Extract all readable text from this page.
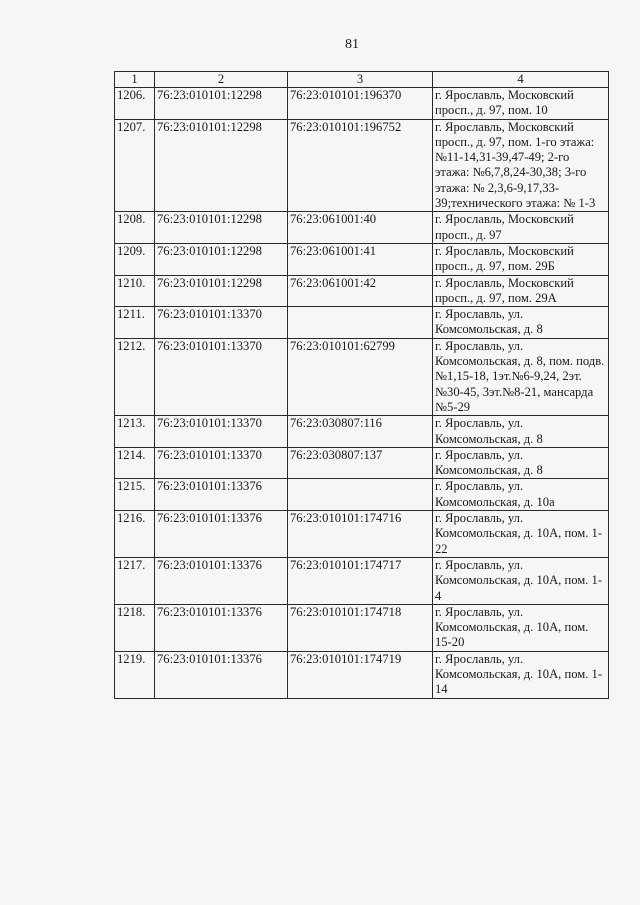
81
1	2	3	4
1206.	76:23:010101:12298	76:23:010101:196370	г. Ярославль, Московский просп., д. 97, пом. 10
1207.	76:23:010101:12298	76:23:010101:196752	г. Ярославль, Московский просп., д. 97, пом. 1-го этажа: №11-14,31-39,47-49; 2-го этажа: №6,7,8,24-30,38; 3-го этажа: № 2,3,6-9,17,33-39;технического этажа: № 1-3
1208.	76:23:010101:12298	76:23:061001:40	г. Ярославль, Московский просп., д. 97
1209.	76:23:010101:12298	76:23:061001:41	г. Ярославль, Московский просп., д. 97, пом. 29Б
1210.	76:23:010101:12298	76:23:061001:42	г. Ярославль, Московский просп., д. 97, пом. 29А
1211.	76:23:010101:13370		г. Ярославль, ул. Комсомольская, д. 8
1212.	76:23:010101:13370	76:23:010101:62799	г. Ярославль, ул. Комсомольская, д. 8, пом. подв.№1,15-18, 1эт.№6-9,24, 2эт.№30-45, 3эт.№8-21, мансарда №5-29
1213.	76:23:010101:13370	76:23:030807:116	г. Ярославль, ул. Комсомольская, д. 8
1214.	76:23:010101:13370	76:23:030807:137	г. Ярославль, ул. Комсомольская, д. 8
1215.	76:23:010101:13376		г. Ярославль, ул. Комсомольская, д. 10а
1216.	76:23:010101:13376	76:23:010101:174716	г. Ярославль, ул. Комсомольская, д. 10А, пом. 1-22
1217.	76:23:010101:13376	76:23:010101:174717	г. Ярославль, ул. Комсомольская, д. 10А, пом. 1-4
1218.	76:23:010101:13376	76:23:010101:174718	г. Ярославль, ул. Комсомольская, д. 10А, пом. 15-20
1219.	76:23:010101:13376	76:23:010101:174719	г. Ярославль, ул. Комсомольская, д. 10А, пом. 1-14
